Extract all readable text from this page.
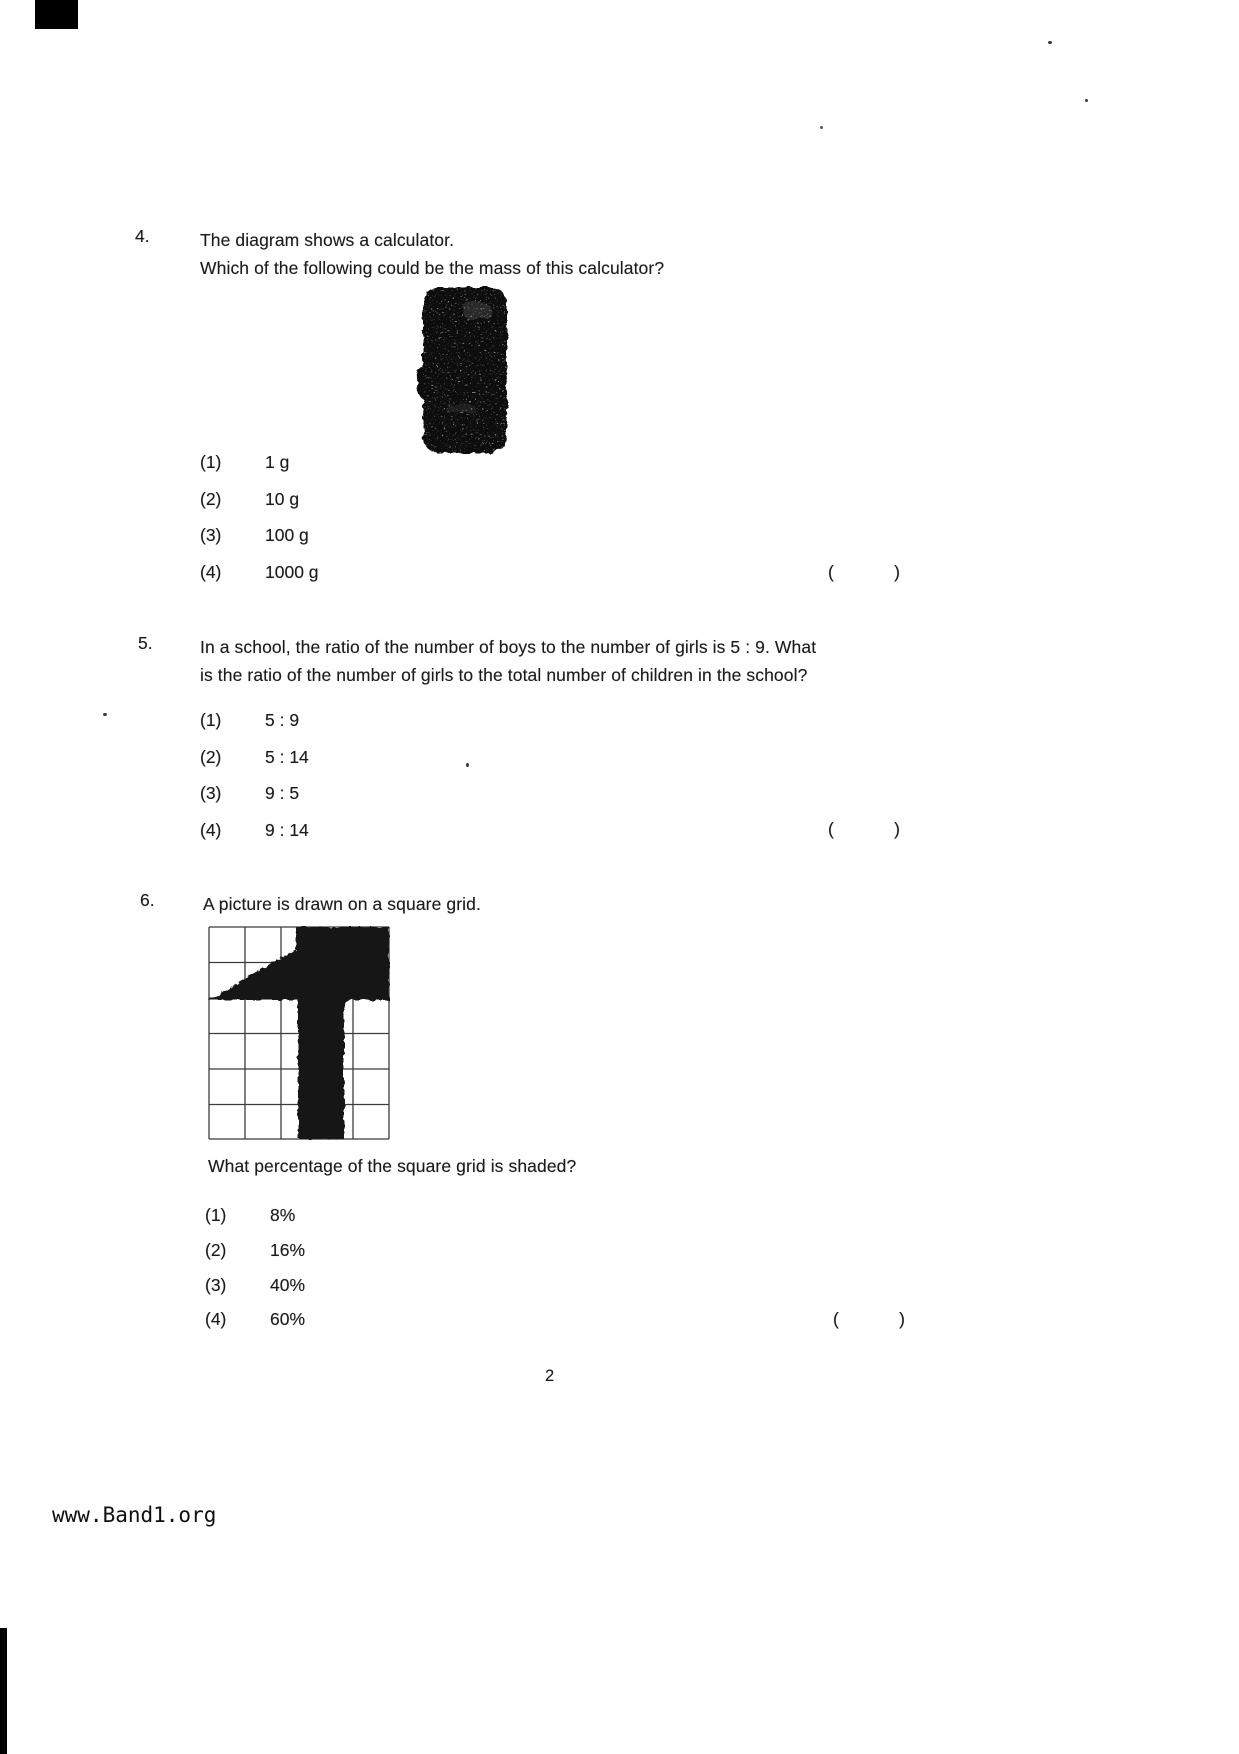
4.	The diagram shows a calculator.

Which of the following could be the mass of this calculator?

(1)	1 g
(2)	10 g
(3)	100 g
(4)	1000 g	(	)
5.	In a school, the ratio of the number of boys to the number of girls is 5 : 9. What

is the ratio of the number of girls to the total number of children in the school?

(1)	5 : 9
(2)	5 : 14
(3)	9 : 5
(4)	9 : 14	(	)
6.	A picture is drawn on a square grid.

What percentage of the square grid is shaded?

(1)	8%
(2)	16%
(3)	40%
(4)	60%	(	)
2
www.Band1.org
